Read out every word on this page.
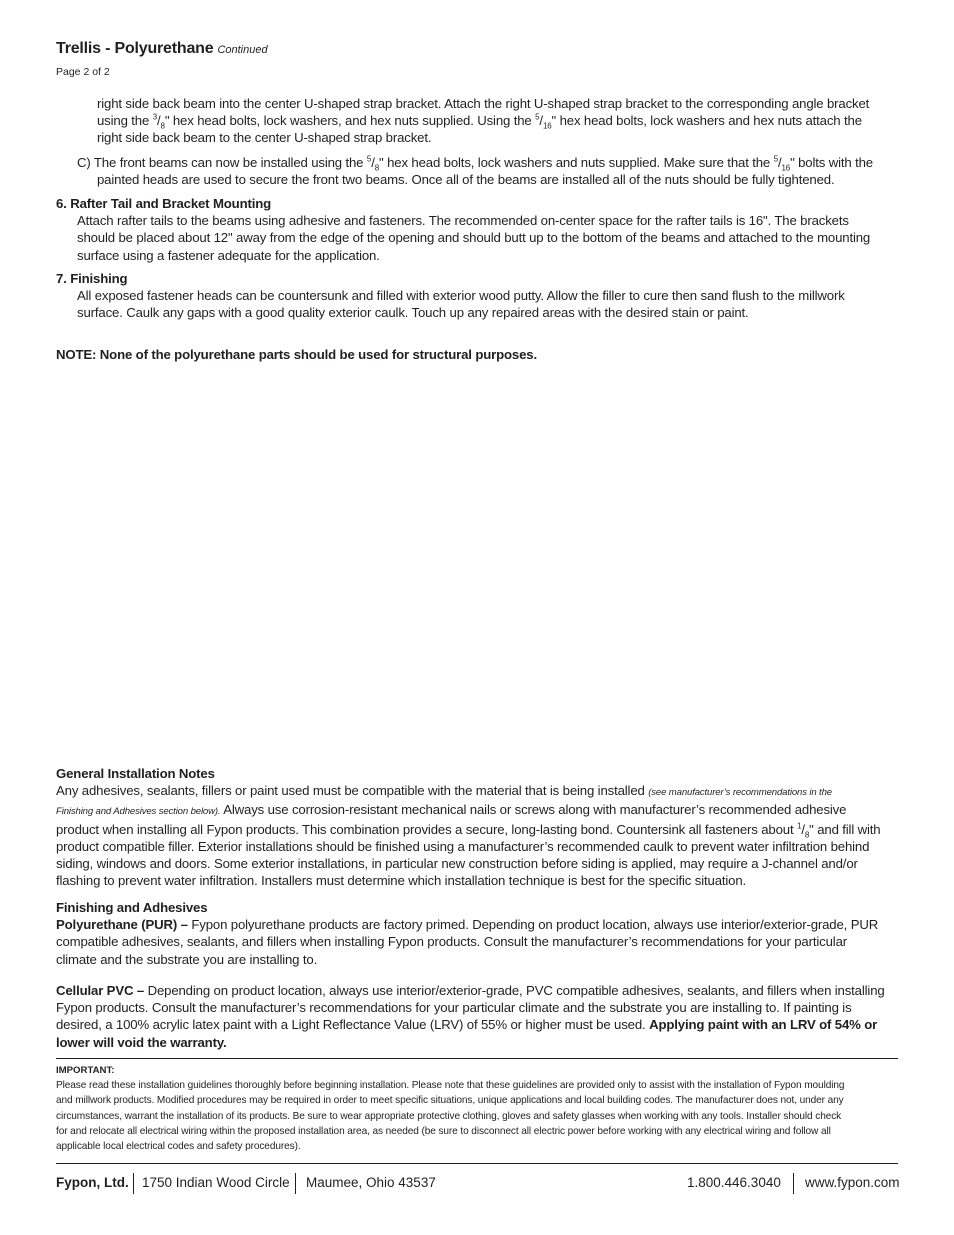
Trellis - Polyurethane Continued
Page 2 of 2
right side back beam into the center U-shaped strap bracket. Attach the right U-shaped strap bracket to the corresponding angle bracket
using the $^3/_8$" hex head bolts, lock washers, and hex nuts supplied. Using the $^5/_{16}$" hex head bolts, lock washers and hex nuts attach the
right side back beam to the center U-shaped strap bracket.
C) The front beams can now be installed using the $^5/_8$" hex head bolts, lock washers and nuts supplied. Make sure that the $^5/_{16}$" bolts with the
painted heads are used to secure the front two beams. Once all of the beams are installed all of the nuts should be fully tightened.
6. Rafter Tail and Bracket Mounting
Attach rafter tails to the beams using adhesive and fasteners. The recommended on-center space for the rafter tails is 16". The brackets
should be placed about 12" away from the edge of the opening and should butt up to the bottom of the beams and attached to the mounting
surface using a fastener adequate for the application.
7. Finishing
All exposed fastener heads can be countersunk and filled with exterior wood putty. Allow the filler to cure then sand flush to the millwork
surface. Caulk any gaps with a good quality exterior caulk. Touch up any repaired areas with the desired stain or paint.
NOTE: None of the polyurethane parts should be used for structural purposes.
General Installation Notes
Any adhesives, sealants, fillers or paint used must be compatible with the material that is being installed (see manufacturer’s recommendations in the
Finishing and Adhesives section below). Always use corrosion-resistant mechanical nails or screws along with manufacturer’s recommended adhesive
product when installing all Fypon products. This combination provides a secure, long-lasting bond. Countersink all fasteners about $^1/_8$" and fill with
product compatible filler. Exterior installations should be finished using a manufacturer’s recommended caulk to prevent water infiltration behind
siding, windows and doors. Some exterior installations, in particular new construction before siding is applied, may require a J-channel and/or
flashing to prevent water infiltration. Installers must determine which installation technique is best for the specific situation.
Finishing and Adhesives
Polyurethane (PUR) – Fypon polyurethane products are factory primed. Depending on product location, always use interior/exterior-grade, PUR
compatible adhesives, sealants, and fillers when installing Fypon products. Consult the manufacturer’s recommendations for your particular
climate and the substrate you are installing to.
Cellular PVC – Depending on product location, always use interior/exterior-grade, PVC compatible adhesives, sealants, and fillers when installing
Fypon products. Consult the manufacturer’s recommendations for your particular climate and the substrate you are installing to. If painting is
desired, a 100% acrylic latex paint with a Light Reflectance Value (LRV) of 55% or higher must be used. Applying paint with an LRV of 54% or
lower will void the warranty.
IMPORTANT:
Please read these installation guidelines thoroughly before beginning installation. Please note that these guidelines are provided only to assist with the installation of Fypon moulding
and millwork products. Modified procedures may be required in order to meet specific situations, unique applications and local building codes. The manufacturer does not, under any
circumstances, warrant the installation of its products. Be sure to wear appropriate protective clothing, gloves and safety glasses when working with any tools. Installer should check
for and relocate all electrical wiring within the proposed installation area, as needed (be sure to disconnect all electric power before working with any electrical wiring and follow all
applicable local electrical codes and safety procedures).
Fypon, Ltd. 1750 Indian Wood Circle Maumee, Ohio 43537	1.800.446.3040 www.fypon.com
